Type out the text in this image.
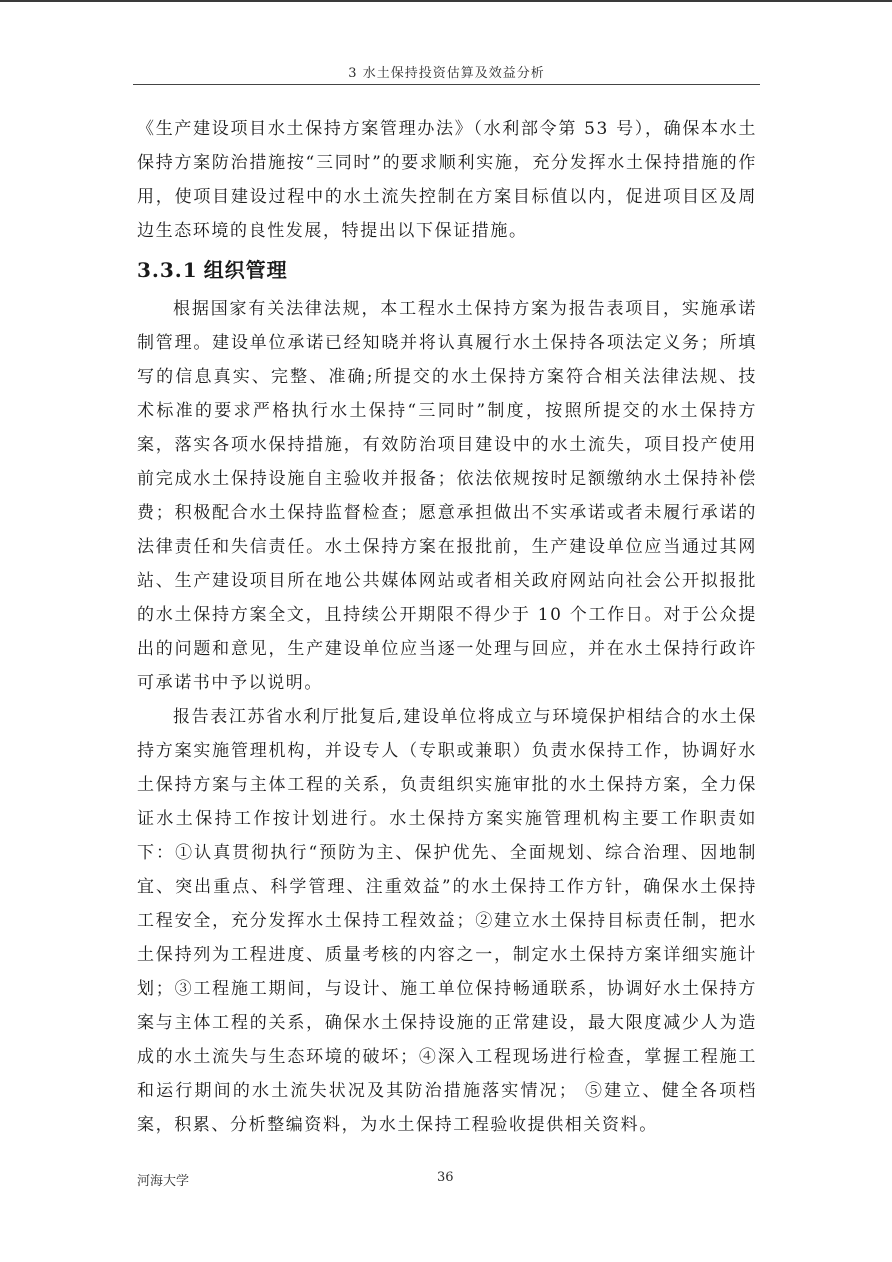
3 水土保持投资估算及效益分析

《生产建设项目水土保持方案管理办法》（水利部令第 53 号），确保本水土保持方案防治措施按“三同时”的要求顺利实施，充分发挥水土保持措施的作用，使项目建设过程中的水土流失控制在方案目标值以内，促进项目区及周边生态环境的良性发展，特提出以下保证措施。

3.3.1 组织管理

根据国家有关法律法规，本工程水土保持方案为报告表项目，实施承诺制管理。建设单位承诺已经知晓并将认真履行水土保持各项法定义务；所填写的信息真实、完整、准确;所提交的水土保持方案符合相关法律法规、技术标准的要求严格执行水土保持“三同时”制度，按照所提交的水土保持方案，落实各项水保持措施，有效防治项目建设中的水土流失，项目投产使用前完成水土保持设施自主验收并报备；依法依规按时足额缴纳水土保持补偿费；积极配合水土保持监督检查；愿意承担做出不实承诺或者未履行承诺的法律责任和失信责任。水土保持方案在报批前，生产建设单位应当通过其网站、生产建设项目所在地公共媒体网站或者相关政府网站向社会公开拟报批的水土保持方案全文，且持续公开期限不得少于 10 个工作日。对于公众提出的问题和意见，生产建设单位应当逐一处理与回应，并在水土保持行政许可承诺书中予以说明。

报告表江苏省水利厅批复后,建设单位将成立与环境保护相结合的水土保持方案实施管理机构，并设专人（专职或兼职）负责水保持工作，协调好水土保持方案与主体工程的关系，负责组织实施审批的水土保持方案，全力保证水土保持工作按计划进行。水土保持方案实施管理机构主要工作职责如下：①认真贯彻执行“预防为主、保护优先、全面规划、综合治理、因地制宜、突出重点、科学管理、注重效益”的水土保持工作方针，确保水土保持工程安全，充分发挥水土保持工程效益；②建立水土保持目标责任制，把水土保持列为工程进度、质量考核的内容之一，制定水土保持方案详细实施计划；③工程施工期间，与设计、施工单位保持畅通联系，协调好水土保持方案与主体工程的关系，确保水土保持设施的正常建设，最大限度减少人为造成的水土流失与生态环境的破坏；④深入工程现场进行检查，掌握工程施工和运行期间的水土流失状况及其防治措施落实情况； ⑤建立、健全各项档案，积累、分析整编资料，为水土保持工程验收提供相关资料。

河海大学	36
